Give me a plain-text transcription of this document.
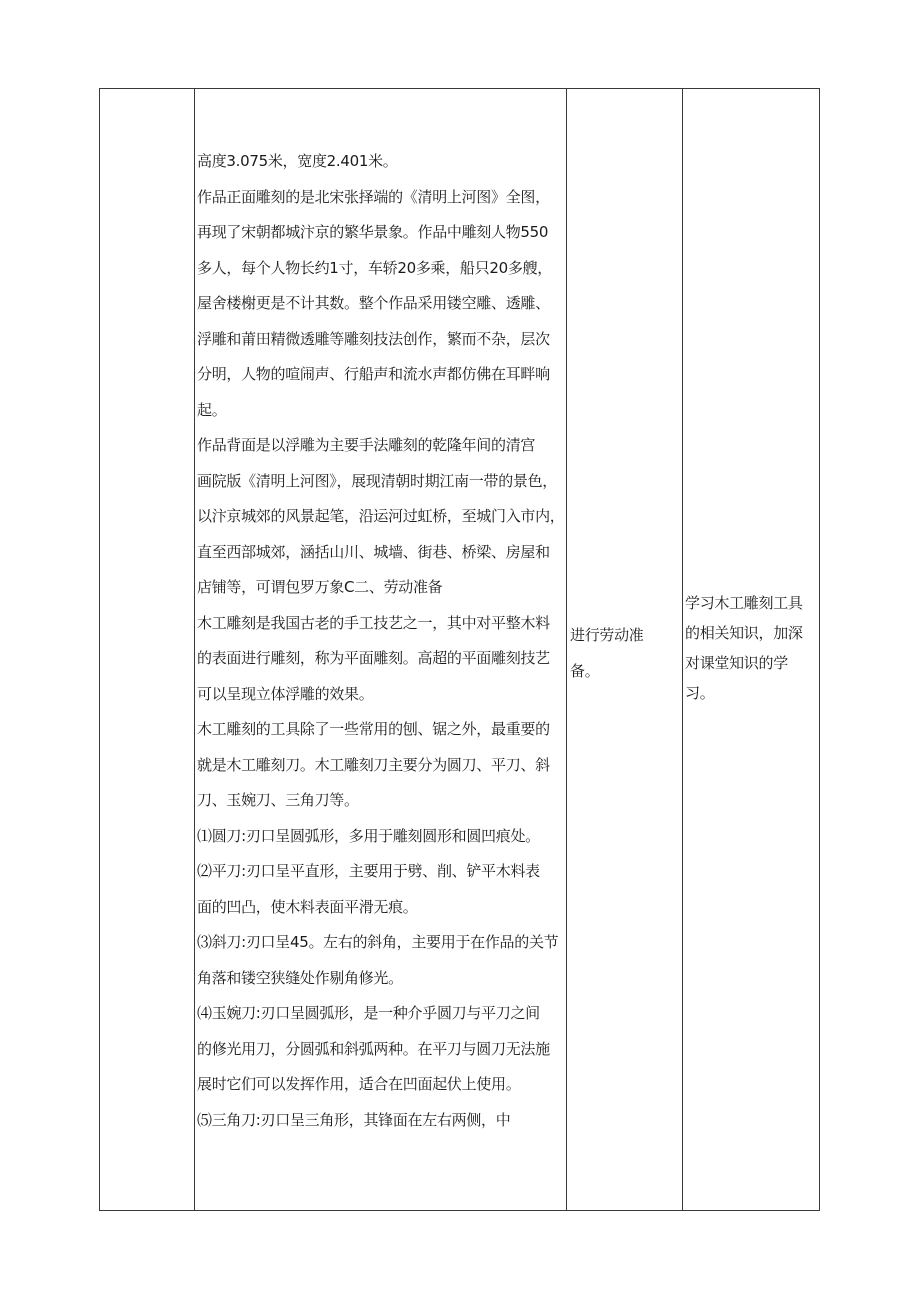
高度3.075米，宽度2.401米。

作品正面雕刻的是北宋张择端的《清明上河图》全图，

再现了宋朝都城汴京的繁华景象。作品中雕刻人物550

多人，每个人物长约1寸，车轿20多乘，船只20多艘，

屋舍楼榭更是不计其数。整个作品采用镂空雕、透雕、

浮雕和莆田精微透雕等雕刻技法创作，繁而不杂，层次

分明，人物的喧闹声、行船声和流水声都仿佛在耳畔响

起。

作品背面是以浮雕为主要手法雕刻的乾隆年间的清宫

画院版《清明上河图》，展现清朝时期江南一带的景色，

以汴京城郊的风景起笔，沿运河过虹桥，至城门入市内，

直至西部城郊，涵括山川、城墙、街巷、桥梁、房屋和

店铺等，可谓包罗万象C二、劳动准备

木工雕刻是我国古老的手工技艺之一，其中对平整木料

的表面进行雕刻，称为平面雕刻。高超的平面雕刻技艺

可以呈现立体浮雕的效果。

木工雕刻的工具除了一些常用的刨、锯之外，最重要的

就是木工雕刻刀。木工雕刻刀主要分为圆刀、平刀、斜

刀、玉婉刀、三角刀等。

⑴圆刀:刃口呈圆弧形，多用于雕刻圆形和圆凹痕处。

⑵平刀:刃口呈平直形，主要用于劈、削、铲平木料表

面的凹凸，使木料表面平滑无痕。

⑶斜刀:刃口呈45。左右的斜角，主要用于在作品的关节

角落和镂空狭缝处作剔角修光。

⑷玉婉刀:刃口呈圆弧形，是一种介乎圆刀与平刀之间

的修光用刀，分圆弧和斜弧两种。在平刀与圆刀无法施

展时它们可以发挥作用，适合在凹面起伏上使用。

⑸三角刀:刃口呈三角形，其锋面在左右两侧，中

进行劳动准

备。

学习木工雕刻工具

的相关知识，加深

对课堂知识的学

习。
